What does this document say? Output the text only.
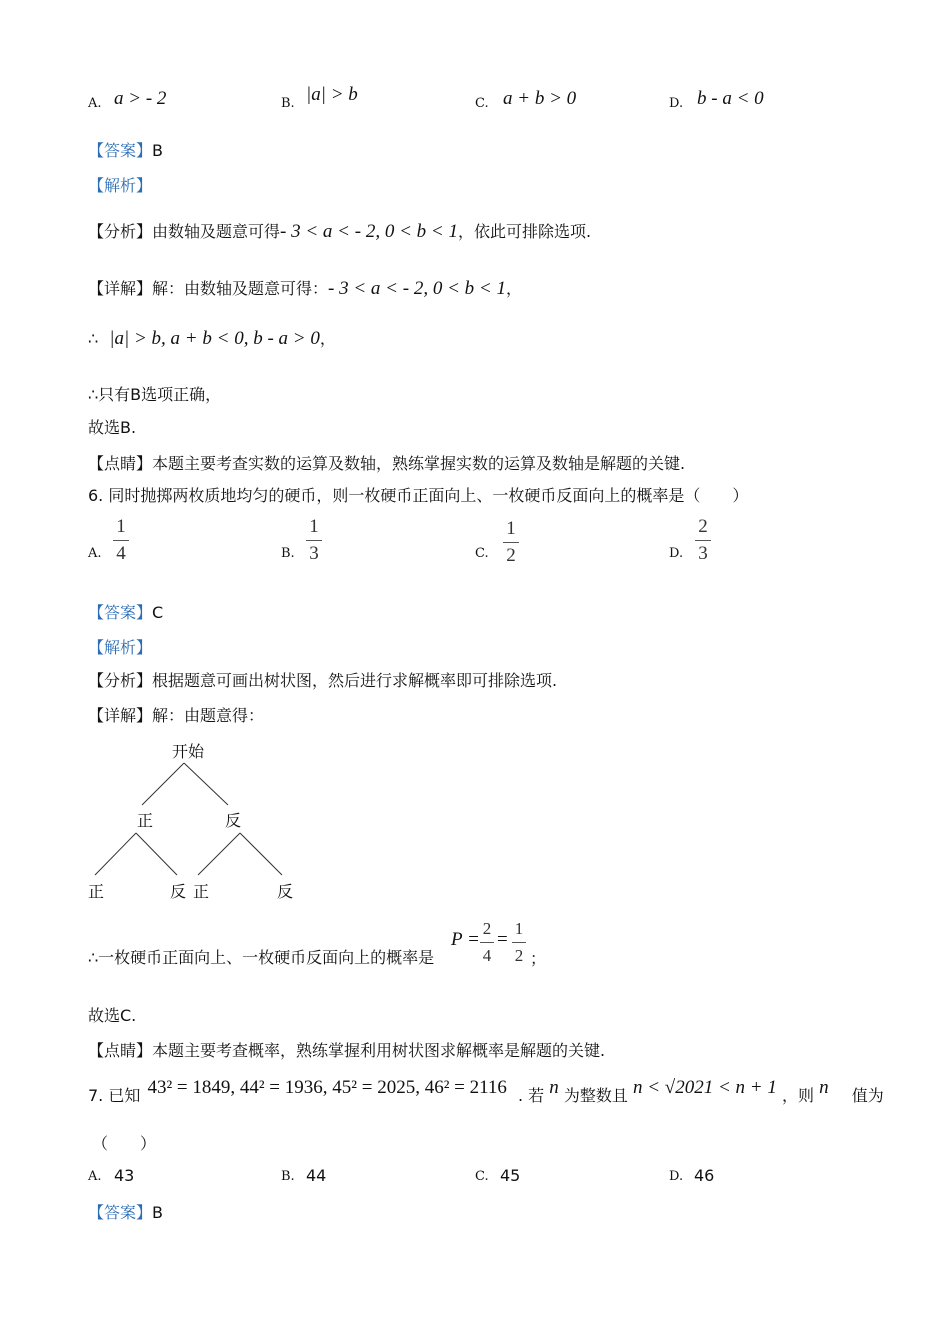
A. a > - 2	B. |a| > b	C. a + b > 0	D. b - a < 0
【答案】B
【解析】
【分析】由数轴及题意可得- 3 < a < - 2, 0 < b < 1，依此可排除选项.
【详解】解：由数轴及题意可得：- 3 < a < - 2, 0 < b < 1，
∴ |a| > b, a + b < 0, b - a > 0，
∴只有B选项正确，
故选B.
【点睛】本题主要考查实数的运算及数轴，熟练掌握实数的运算及数轴是解题的关键.
6. 同时抛掷两枚质地均匀的硬币，则一枚硬币正面向上、一枚硬币反面向上的概率是（　　）
A.
1
4	B.
1
3	C.
1
2	D.
2
3
【答案】C
【解析】
【分析】根据题意可画出树状图，然后进行求解概率即可排除选项.
【详解】解：由题意得：
开始
正	反
正	反 正	反
∴一枚硬币正面向上、一枚硬币反面向上的概率是
P =
2
4
=
1
2 ；
故选C.
【点睛】本题主要考查概率，熟练掌握利用树状图求解概率是解题的关键.
7. 已知 43² = 1849, 44² = 1936, 45² = 2025, 46² = 2116 . 若 n 为整数且 n < √2021 < n + 1 ，则 n 值为
（　　）
A. 43	B. 44	C. 45	D. 46
【答案】B
